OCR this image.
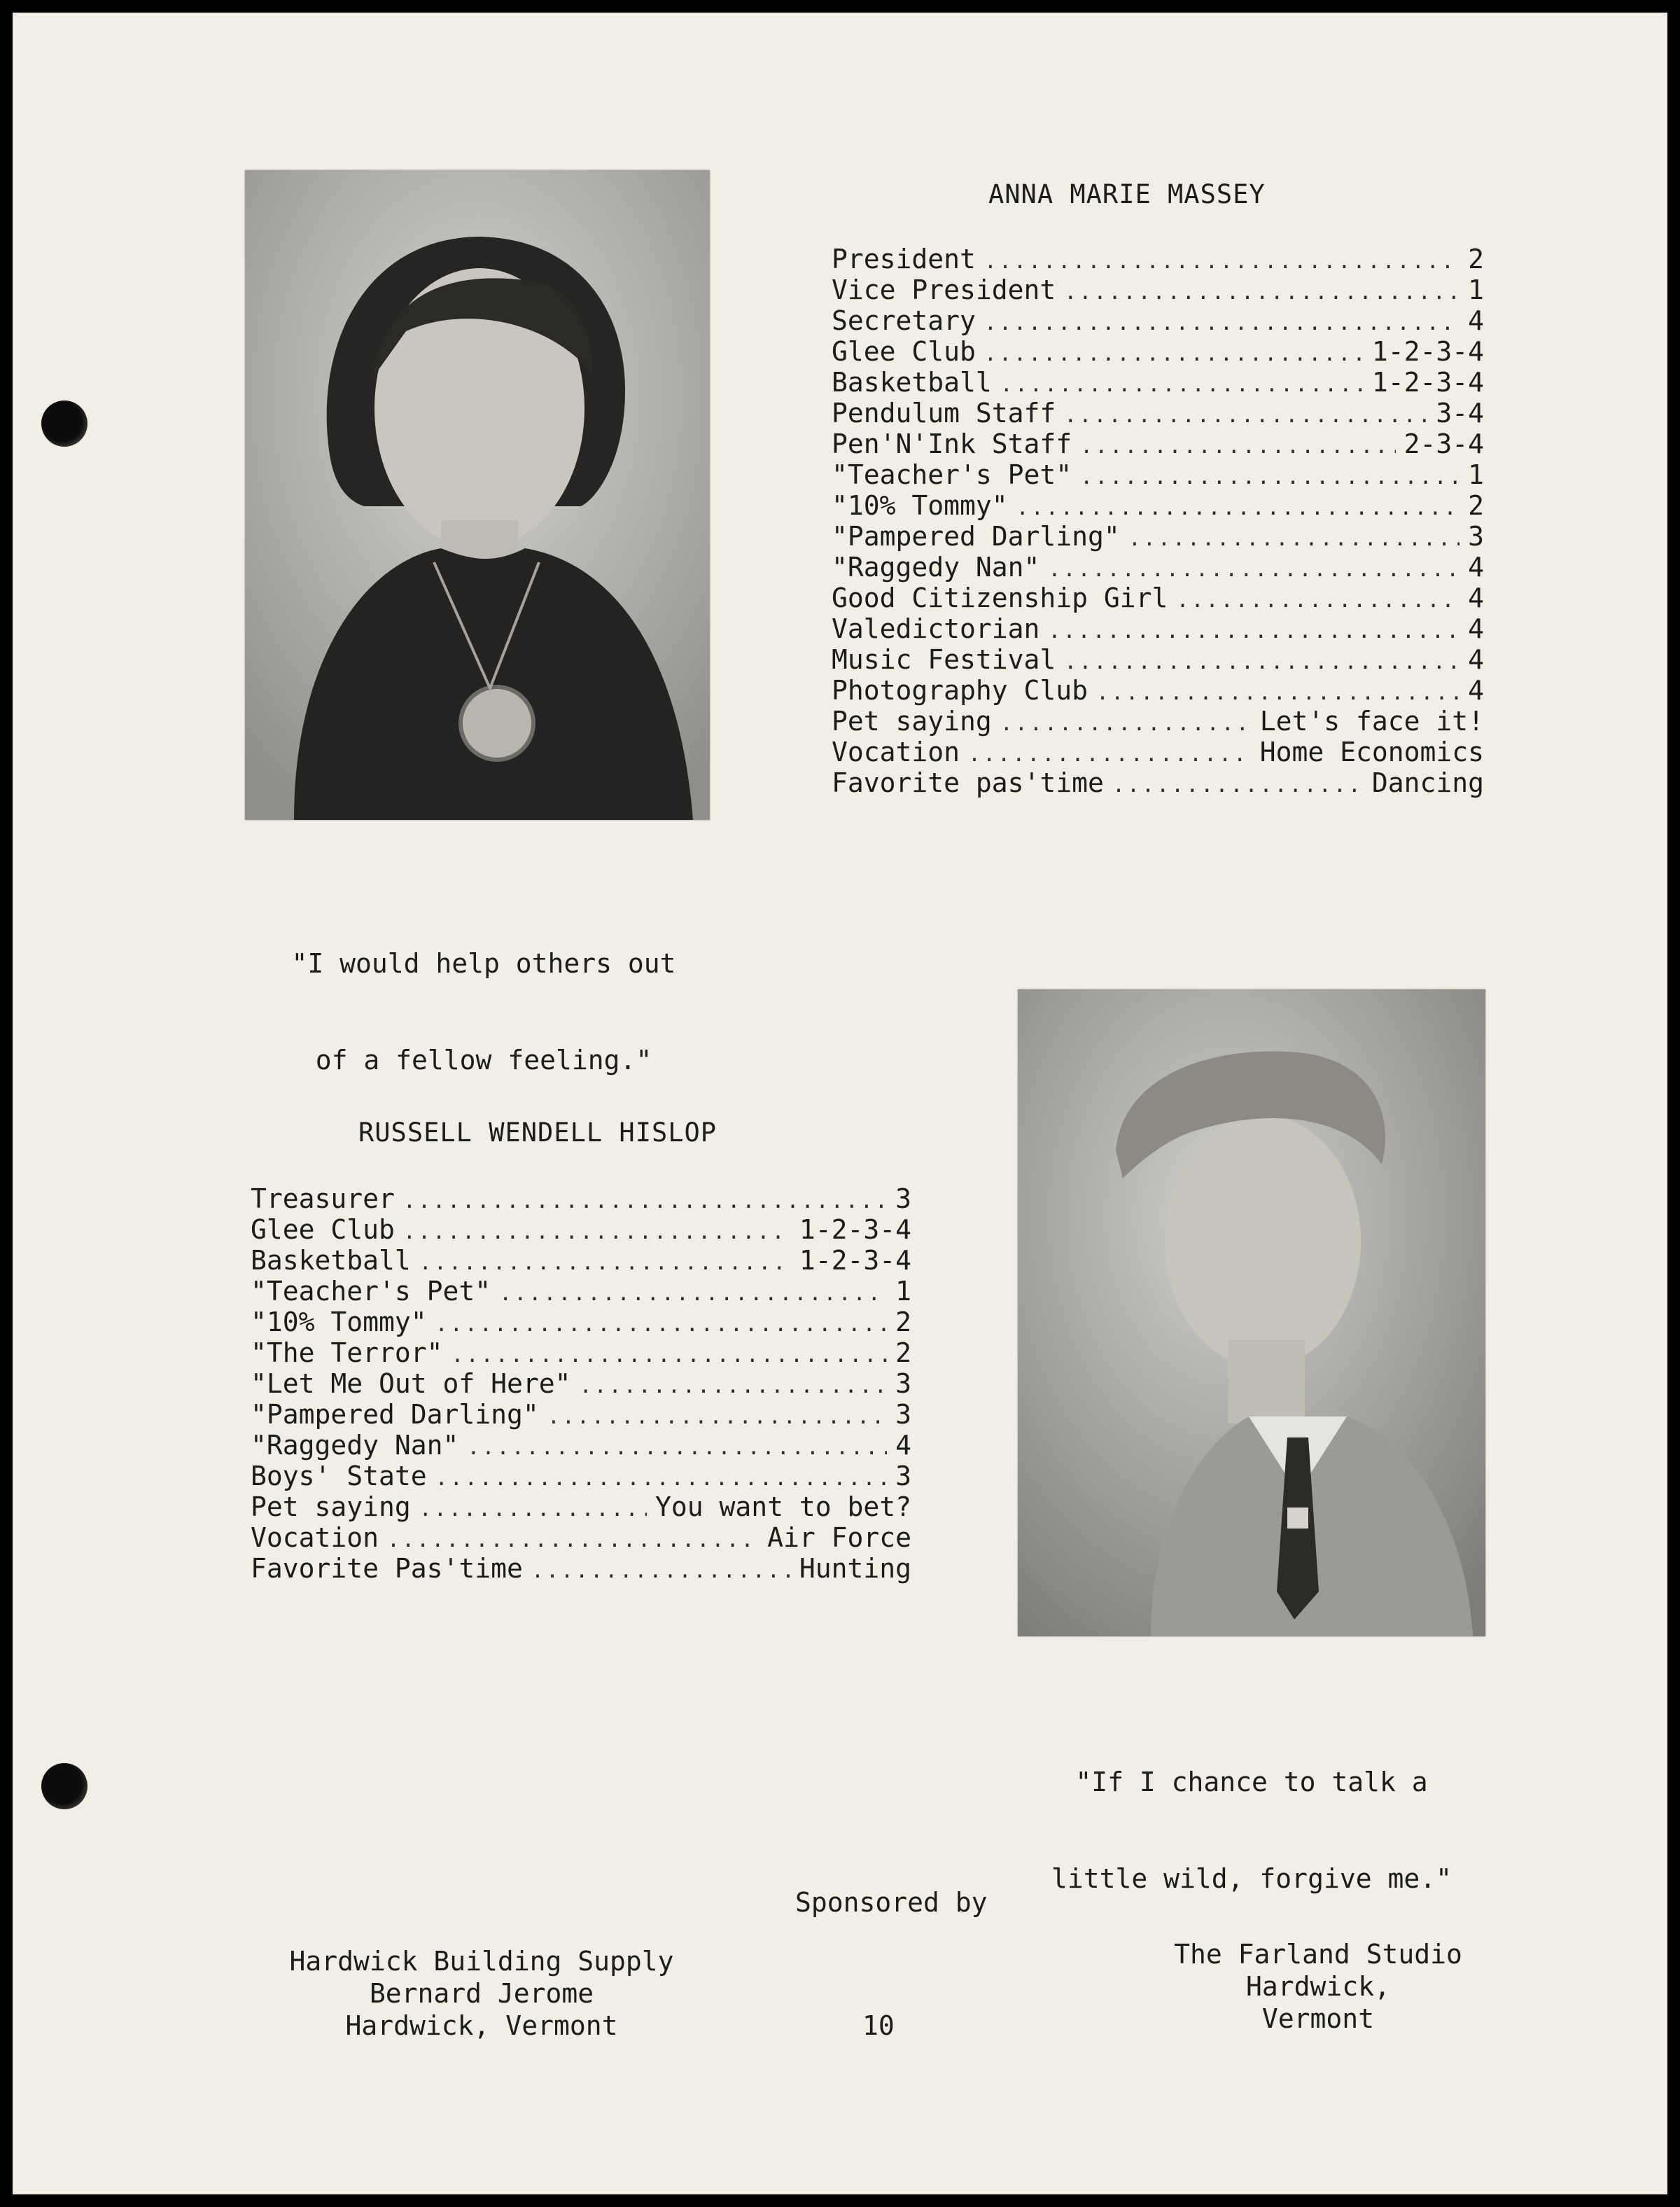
ANNA MARIE MASSEY
President .....	2
Vice President .....	1
Secretary .....	4
Glee Club .....	1-2-3-4
Basketball .....	1-2-3-4
Pendulum Staff .....	3-4
Pen'N'Ink Staff .....	2-3-4
"Teacher's Pet" .....	1
"10% Tommy" .....	2
"Pampered Darling" .....	3
"Raggedy Nan" .....	4
Good Citizenship Girl .....	4
Valedictorian .....	4
Music Festival .....	4
Photography Club .....	4
Pet saying .....	Let's face it!
Vocation .....	Home Economics
Favorite pas'time .....	Dancing

"I would help others out

of a fellow feeling."

RUSSELL WENDELL HISLOP
Treasurer .....	3
Glee Club .....	1-2-3-4
Basketball .....	1-2-3-4
"Teacher's Pet" .....	1
"10% Tommy" .....	2
"The Terror" .....	2
"Let Me Out of Here" .....	3
"Pampered Darling" .....	3
"Raggedy Nan" .....	4
Boys' State .....	3
Pet saying .....	You want to bet?
Vocation .....	Air Force
Favorite Pas'time .....	Hunting

"If I chance to talk a

little wild, forgive me."

Sponsored by
Hardwick Building Supply
Bernard Jerome
Hardwick, Vermont
The Farland Studio
Hardwick,
Vermont
10
